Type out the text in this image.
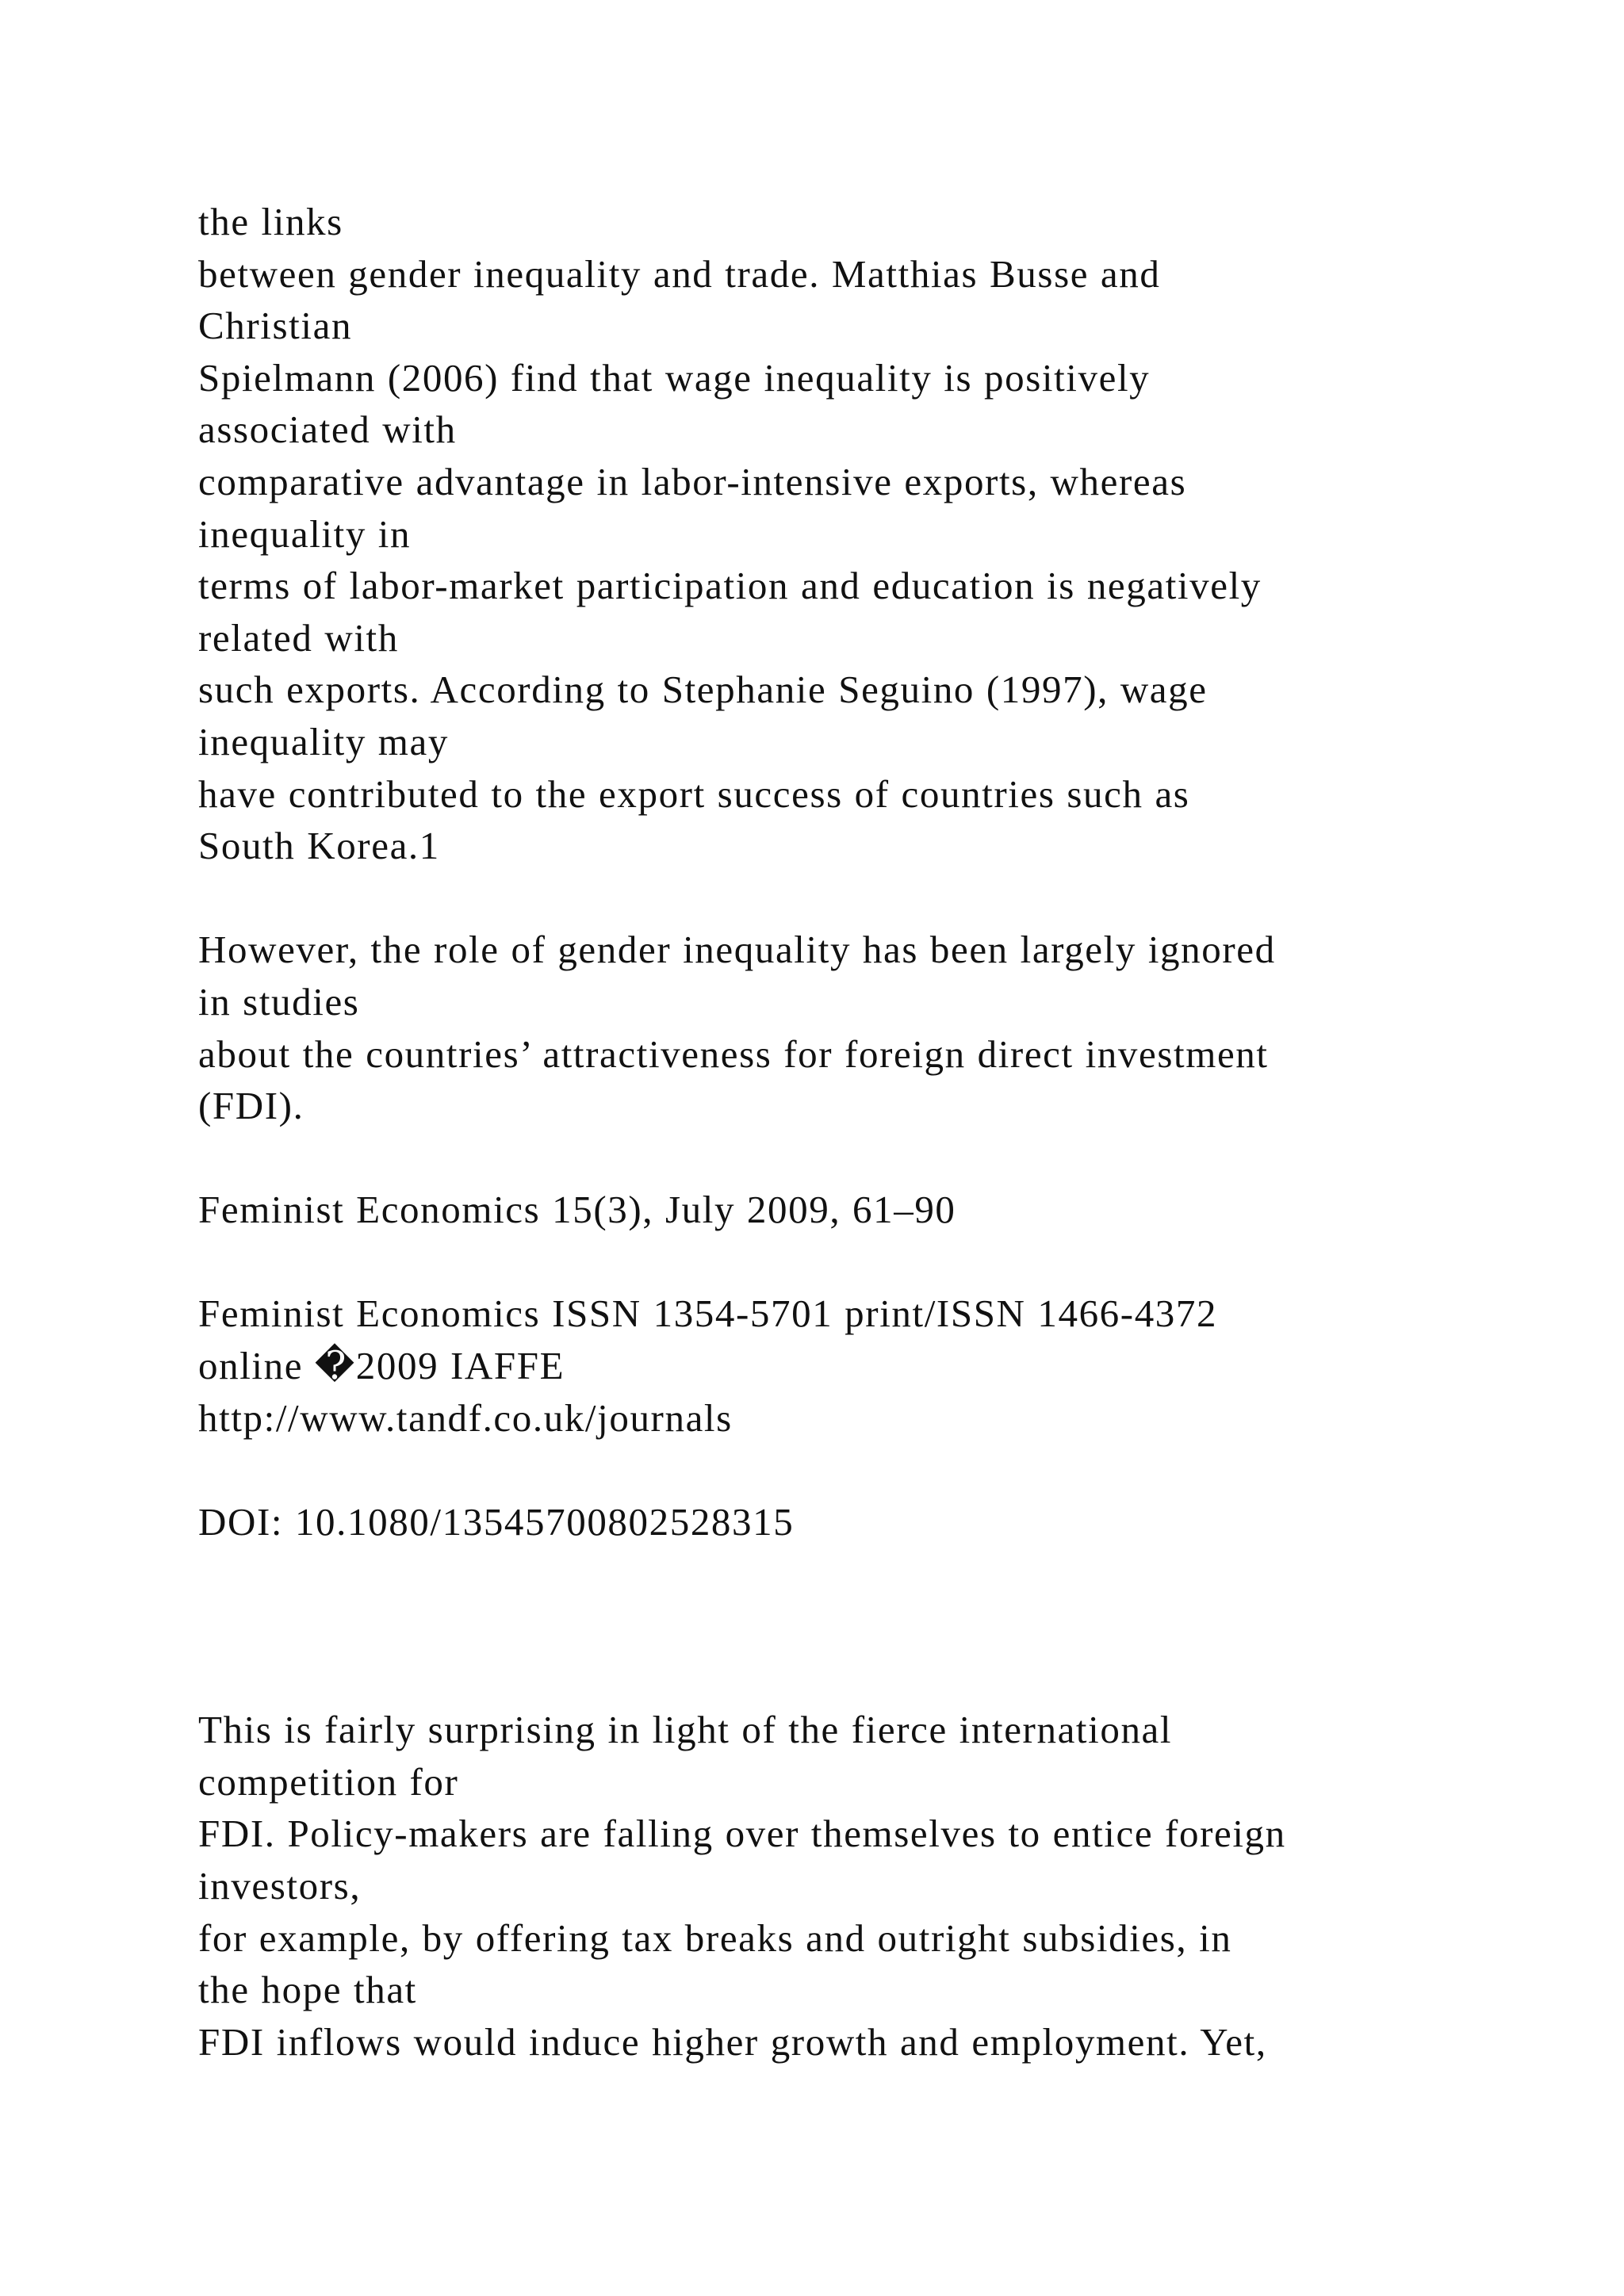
the links
between gender inequality and trade. Matthias Busse and
Christian
Spielmann (2006) find that wage inequality is positively
associated with
comparative advantage in labor-intensive exports, whereas
inequality in
terms of labor-market participation and education is negatively
related with
such exports. According to Stephanie Seguino (1997), wage
inequality may
have contributed to the export success of countries such as
South Korea.1
However, the role of gender inequality has been largely ignored
in studies
about the countries’ attractiveness for foreign direct investment
(FDI).
Feminist Economics 15(3), July 2009, 61–90
Feminist Economics ISSN 1354-5701 print/ISSN 1466-4372
online �2009 IAFFE
http://www.tandf.co.uk/journals
DOI: 10.1080/13545700802528315
This is fairly surprising in light of the fierce international
competition for
FDI. Policy-makers are falling over themselves to entice foreign
investors,
for example, by offering tax breaks and outright subsidies, in
the hope that
FDI inflows would induce higher growth and employment. Yet,
